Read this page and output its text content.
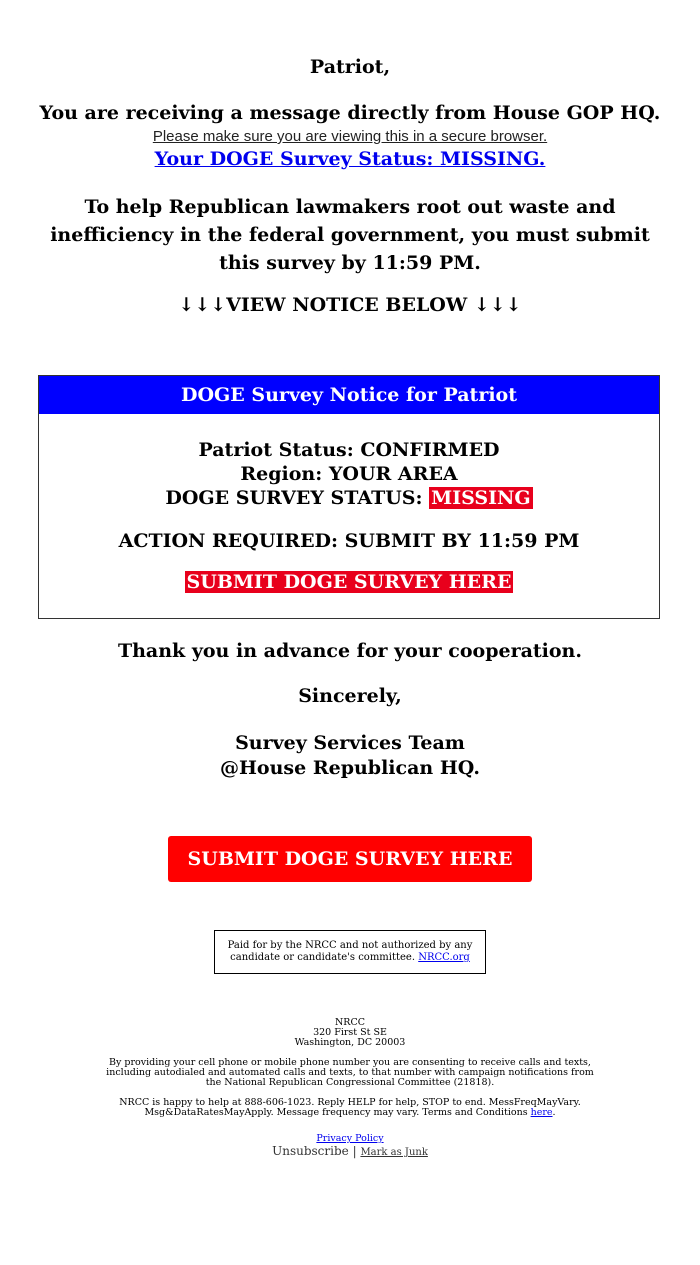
Patriot,
You are receiving a message directly from House GOP HQ.
Please make sure you are viewing this in a secure browser.
Your DOGE Survey Status: MISSING.
To help Republican lawmakers root out waste and inefficiency in the federal government, you must submit this survey by 11:59 PM.
↓↓↓VIEW NOTICE BELOW ↓↓↓
DOGE Survey Notice for Patriot
Patriot Status: CONFIRMED
Region: YOUR AREA
DOGE SURVEY STATUS: MISSING
ACTION REQUIRED: SUBMIT BY 11:59 PM
SUBMIT DOGE SURVEY HERE
Thank you in advance for your cooperation.
Sincerely,
Survey Services Team
@House Republican HQ.
SUBMIT DOGE SURVEY HERE
Paid for by the NRCC and not authorized by any candidate or candidate's committee. NRCC.org
NRCC
320 First St SE
Washington, DC 20003
By providing your cell phone or mobile phone number you are consenting to receive calls and texts, including autodialed and automated calls and texts, to that number with campaign notifications from the National Republican Congressional Committee (21818).
NRCC is happy to help at 888-606-1023. Reply HELP for help, STOP to end. MessFreqMayVary. Msg&DataRatesMayApply. Message frequency may vary. Terms and Conditions here.
Privacy Policy
Unsubscribe | Mark as Junk
